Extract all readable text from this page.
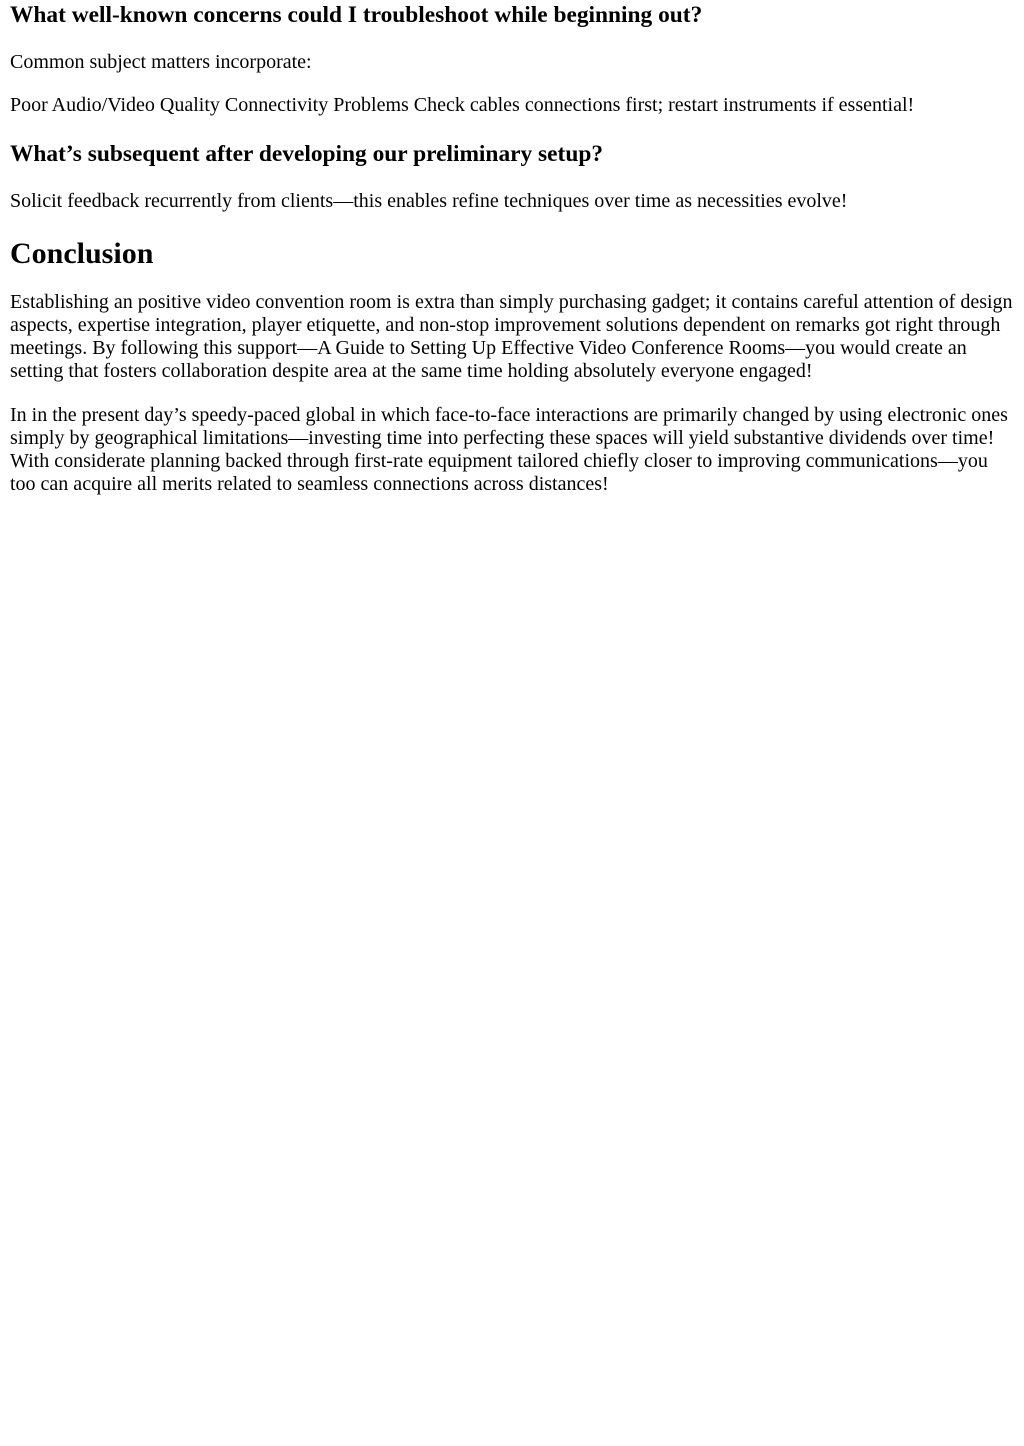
What well-known concerns could I troubleshoot while beginning out?

Common subject matters incorporate:

Poor Audio/Video Quality Connectivity Problems Check cables connections first; restart instruments if essential!

What’s subsequent after developing our preliminary setup?

Solicit feedback recurrently from clients—this enables refine techniques over time as necessities evolve!

Conclusion

Establishing an positive video convention room is extra than simply purchasing gadget; it contains careful attention of design aspects, expertise integration, player etiquette, and non-stop improvement solutions dependent on remarks got right through meetings. By following this support—A Guide to Setting Up Effective Video Conference Rooms—you would create an setting that fosters collaboration despite area at the same time holding absolutely everyone engaged!

In in the present day’s speedy-paced global in which face-to-face interactions are primarily changed by using electronic ones simply by geographical limitations—investing time into perfecting these spaces will yield substantive dividends over time! With considerate planning backed through first-rate equipment tailored chiefly closer to improving communications—you too can acquire all merits related to seamless connections across distances!
